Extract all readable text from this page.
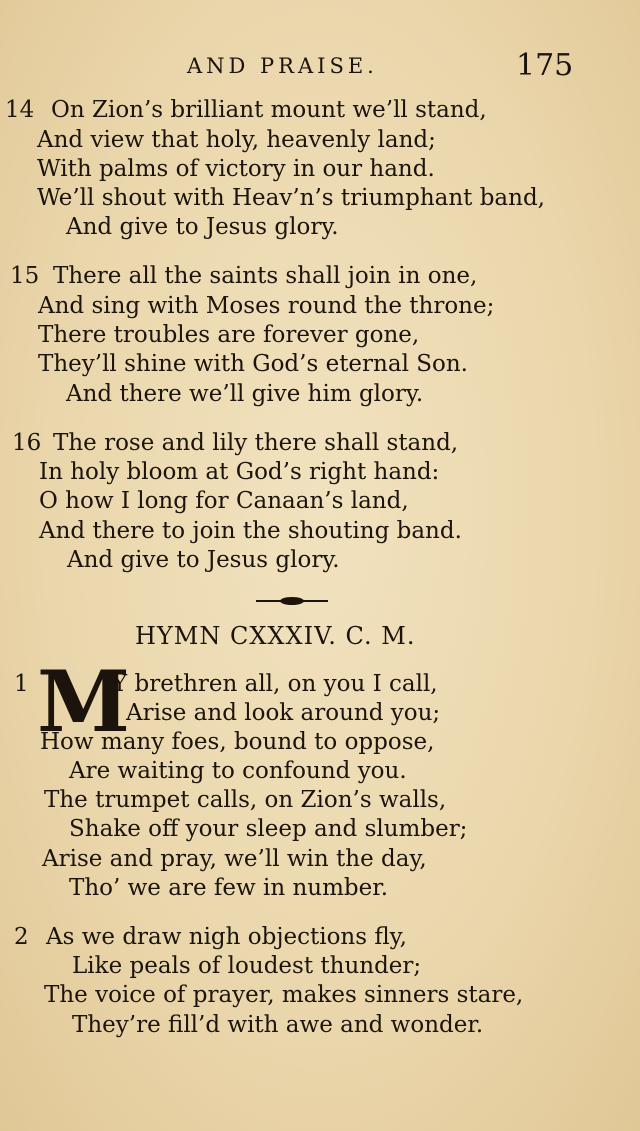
AND PRAISE.	175
14 On Zion’s brilliant mount we’ll stand,
And view that holy, heavenly land;
With palms of victory in our hand.
We’ll shout with Heav’n’s triumphant band,
And give to Jesus glory.
15 There all the saints shall join in one,
And sing with Moses round the throne;
There troubles are forever gone,
They’ll shine with God’s eternal Son.
And there we’ll give him glory.
16 The rose and lily there shall stand,
In holy bloom at God’s right hand:
O how I long for Canaan’s land,
And there to join the shouting band.
And give to Jesus glory.
HYMN CXXXIV. C. M.
1 M
Y brethren all, on you I call,
Arise and look around you;
How many foes, bound to oppose,
Are waiting to confound you.
The trumpet calls, on Zion’s walls,
Shake off your sleep and slumber;
Arise and pray, we’ll win the day,
Tho’ we are few in number.
2 As we draw nigh objections fly,
Like peals of loudest thunder;
The voice of prayer, makes sinners stare,
They’re fill’d with awe and wonder.
